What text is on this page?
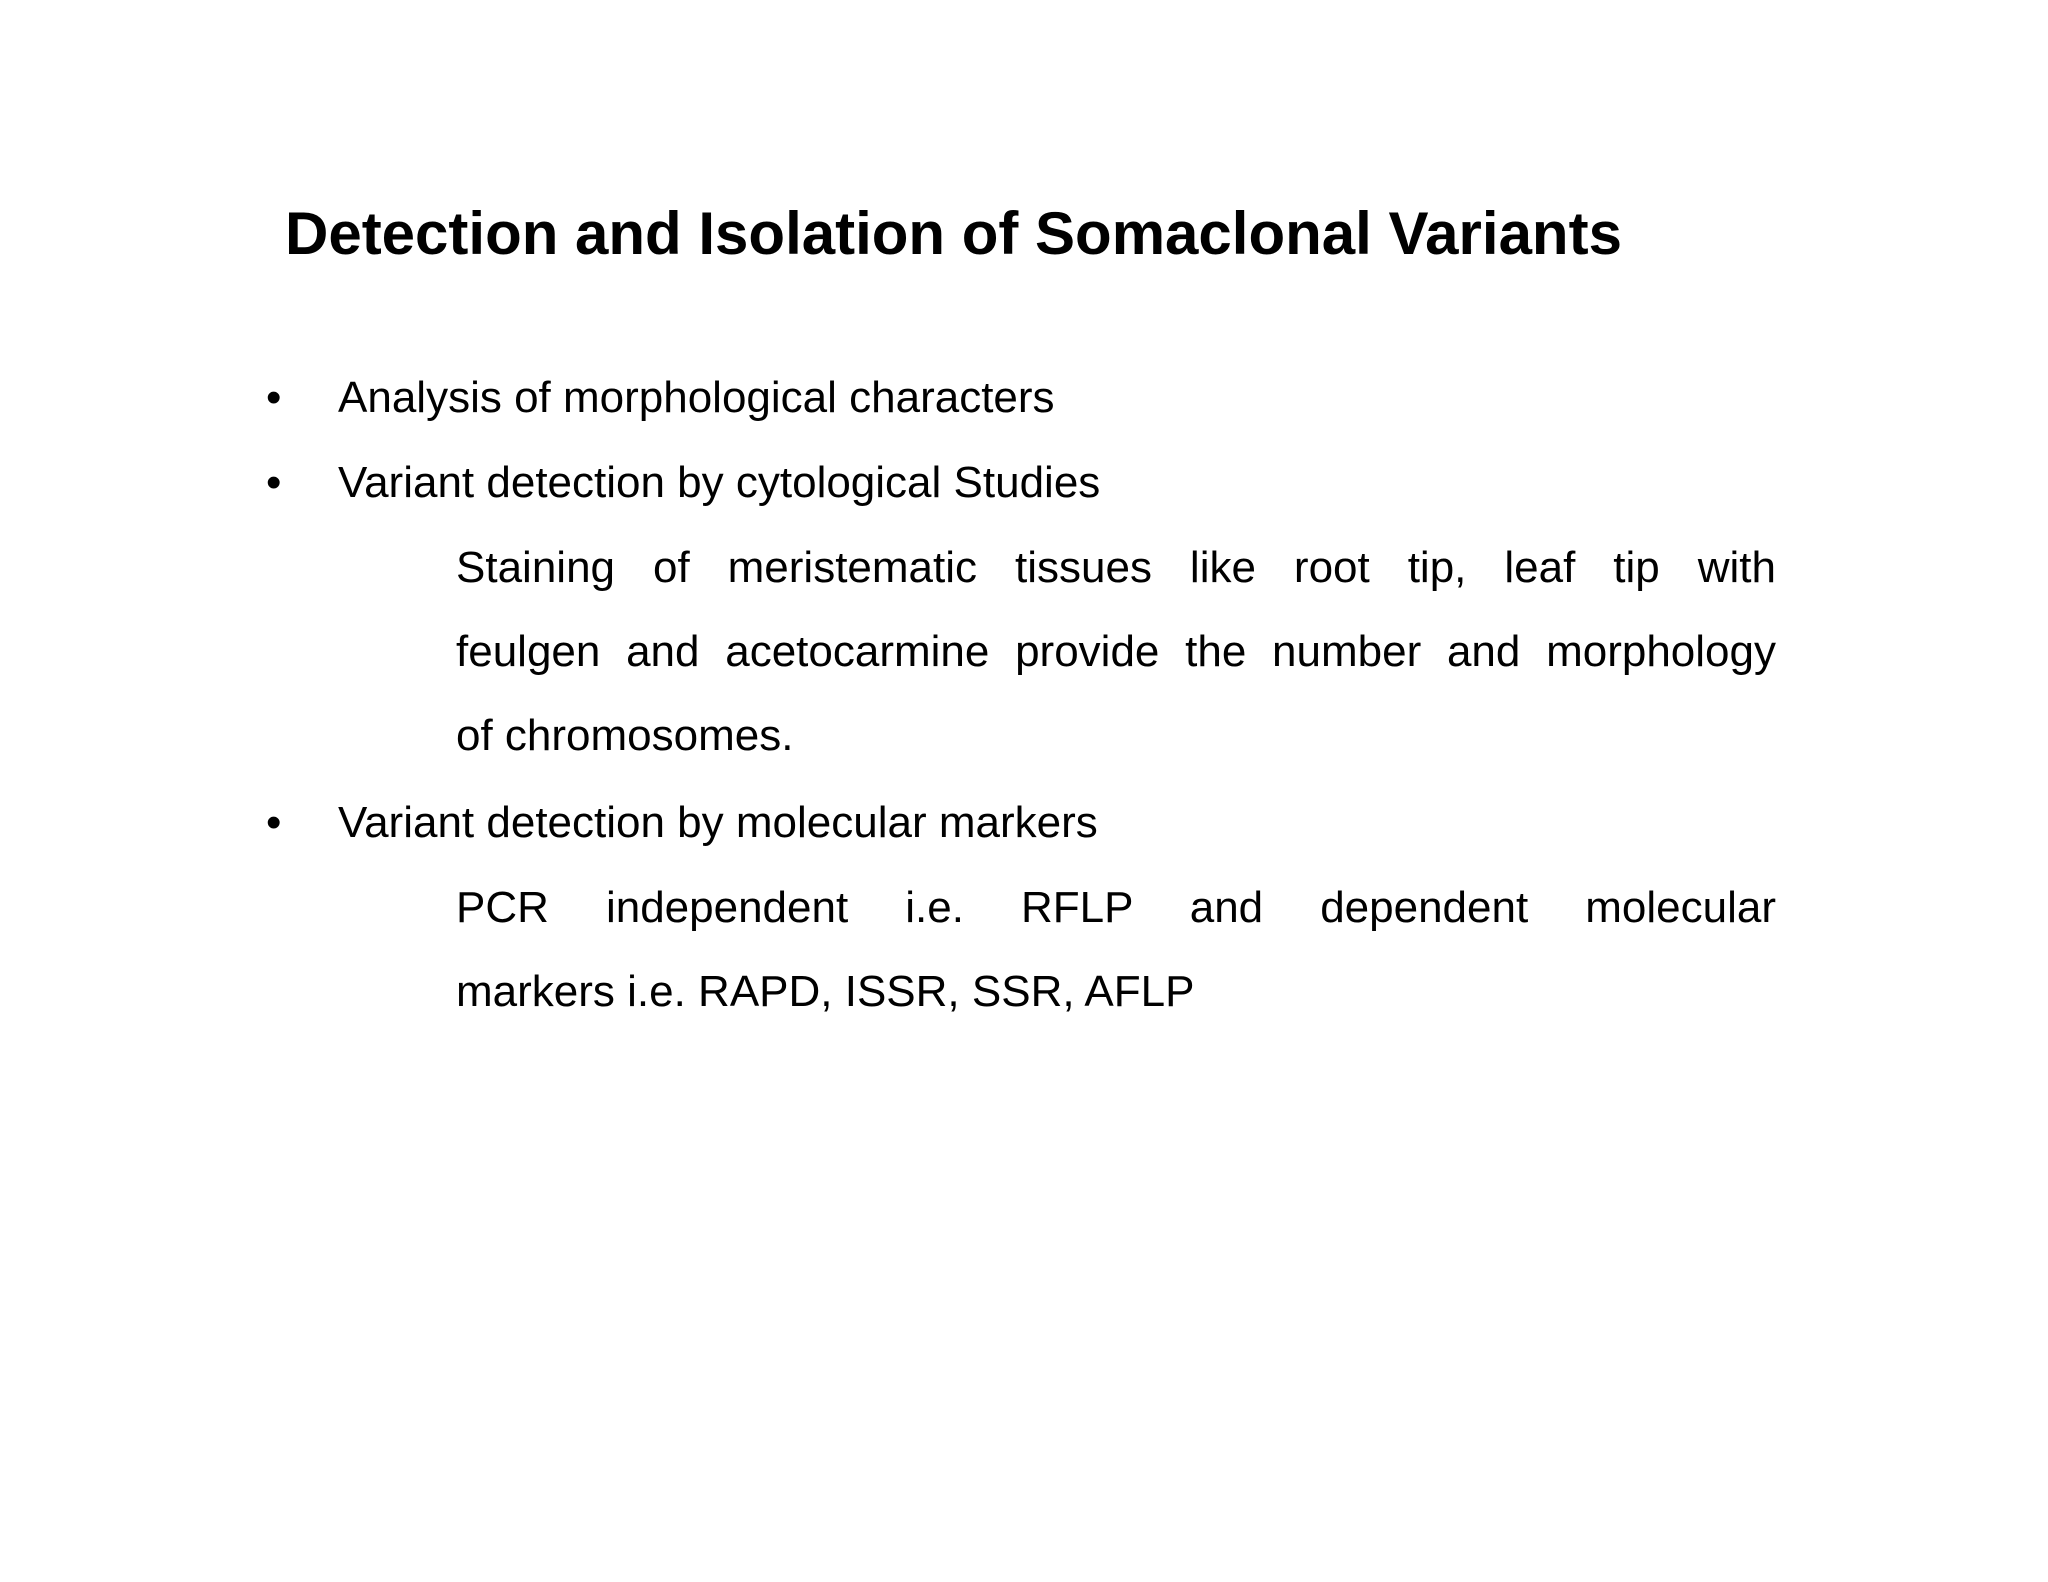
Detection and Isolation of Somaclonal Variants
•	Analysis of morphological characters
•	Variant detection by cytological Studies
Staining of meristematic tissues like root tip, leaf tip with
feulgen and acetocarmine provide the number and morphology
of chromosomes.
•	Variant detection by molecular markers
PCR independent i.e. RFLP and dependent molecular
markers i.e. RAPD, ISSR, SSR, AFLP
